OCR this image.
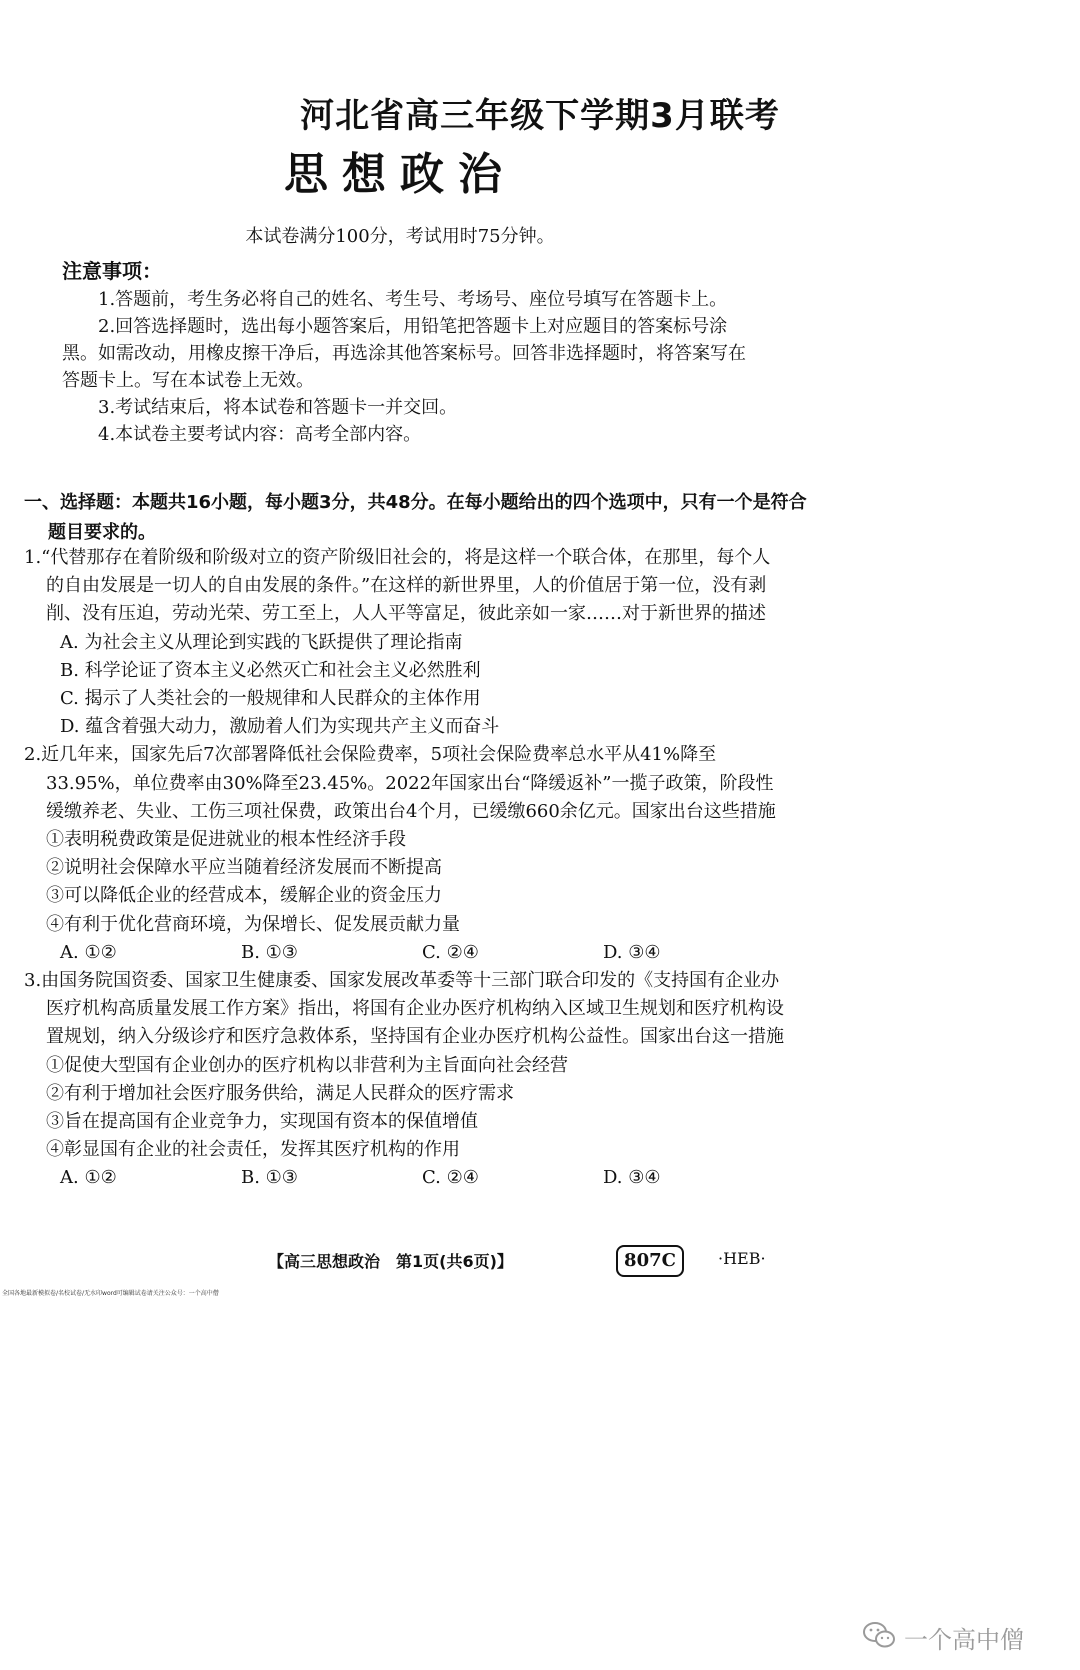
河北省高三年级下学期3月联考
思想政治
本试卷满分100分，考试用时75分钟。
注意事项：

1.答题前，考生务必将自己的姓名、考生号、考场号、座位号填写在答题卡上。

2.回答选择题时，选出每小题答案后，用铅笔把答题卡上对应题目的答案标号涂黑。如需改动，用橡皮擦干净后，再选涂其他答案标号。回答非选择题时，将答案写在答题卡上。写在本试卷上无效。

3.考试结束后，将本试卷和答题卡一并交回。

4.本试卷主要考试内容：高考全部内容。

一、选择题：本题共16小题，每小题3分，共48分。在每小题给出的四个选项中，只有一个是符合题目要求的。
1.“代替那存在着阶级和阶级对立的资产阶级旧社会的，将是这样一个联合体，在那里，每个人的自由发展是一切人的自由发展的条件。”在这样的新世界里，人的价值居于第一位，没有剥削、没有压迫，劳动光荣、劳工至上，人人平等富足，彼此亲如一家……对于新世界的描述
A. 为社会主义从理论到实践的飞跃提供了理论指南
B. 科学论证了资本主义必然灭亡和社会主义必然胜利
C. 揭示了人类社会的一般规律和人民群众的主体作用
D. 蕴含着强大动力，激励着人们为实现共产主义而奋斗
2.近几年来，国家先后7次部署降低社会保险费率，5项社会保险费率总水平从41%降至33.95%，单位费率由30%降至23.45%。2022年国家出台“降缓返补”一揽子政策，阶段性缓缴养老、失业、工伤三项社保费，政策出台4个月，已缓缴660余亿元。国家出台这些措施
①表明税费政策是促进就业的根本性经济手段
②说明社会保障水平应当随着经济发展而不断提高
③可以降低企业的经营成本，缓解企业的资金压力
④有利于优化营商环境，为保增长、促发展贡献力量
A. ①②	B. ①③	C. ②④	D. ③④
3.由国务院国资委、国家卫生健康委、国家发展改革委等十三部门联合印发的《支持国有企业办医疗机构高质量发展工作方案》指出，将国有企业办医疗机构纳入区域卫生规划和医疗机构设置规划，纳入分级诊疗和医疗急救体系，坚持国有企业办医疗机构公益性。国家出台这一措施
①促使大型国有企业创办的医疗机构以非营利为主旨面向社会经营
②有利于增加社会医疗服务供给，满足人民群众的医疗需求
③旨在提高国有企业竞争力，实现国有资本的保值增值
④彰显国有企业的社会责任，发挥其医疗机构的作用
A. ①②	B. ①③	C. ②④	D. ③④
【高三思想政治　第1页(共6页)】	807C	·HEB·
全国各地最新模拟卷/名校试卷/无水印word可编辑试卷请关注公众号：一个高中僧
一个高中僧
